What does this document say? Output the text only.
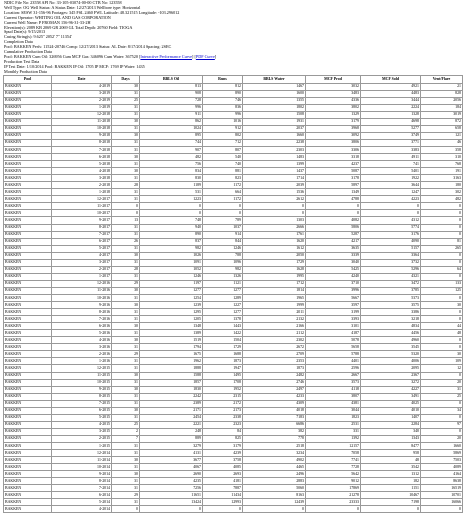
NDIC File No: 23558 API No: 33-105-03074-00-00 CTB No: 123558
Well Type: OG Well Status: A Status Date: 12/27/2013 Wellbore type: Horizontal
Location: SESW 31-156-96 Footages: 345 FSL 2460 FWL Latitude: 48.321515 Longitude: -103.296012
Current Operator: WHITING OIL AND GAS CORPORATION
Current Well Name: P FROMAN 156-96-31-33-2H
Elevation(s): 2089 KB 2069 GR 2069 GL Total Depth: 20760 Field: TIOGA
Spud Date(s): 9/15/2013
Casing String(s): 9.625" 2052' 7" 11354'
Completion Data
Pool: BAKKEN Perfs: 11524-20746 Comp: 12/27/2013 Status: AL Date: 8/17/2014 Spacing: 2SEC
Cumulative Production Data
Pool: BAKKEN Cum Oil: 326956 Cum MCF Gas: 346096 Cum Water: 367520 [Interactive Performance Curve] [PDF Curve]
Production Test Data
IP Test Date: 1/10/2014 Pool: BAKKEN IP Oil: 1705 IP MCF: 1769 IP Water: 1435
Monthly Production Data
Pool	Date	Days	BBLS Oil	Runs	BBLS Water	MCF Prod	MCF Sold	Vent/Flare
BAKKEN	4-2019	30	813	812	1467	3032	4921	21
BAKKEN	3-2019	31	908	890	1600	3483	4483	828
BAKKEN	2-2019	25	728	746	1355	4336	3444	2056
BAKKEN	1-2019	31	996	836	1802	3802	2224	184
BAKKEN	12-2018	31	911	996	1508	1329	1328	3019
BAKKEN	11-2018	30	862	1016	1931	3179	4698	872
BAKKEN	10-2018	31	1024	912	2037	3968	5277	658
BAKKEN	9-2018	30	895	802	1660	3092	3749	121
BAKKEN	8-2018	31	744	712	2238	3806	3771	46
BAKKEN	7-2018	31	907	807	2303	3306	3383	358
BAKKEN	6-2018	30	482	540	1483	3318	4911	310
BAKKEN	5-2018	31	756	740	1399	4237	741	768
BAKKEN	4-2018	30	834	881	1437	5087	5401	191
BAKKEN	3-2018	31	830	823	1714	3178	1922	3163
BAKKEN	2-2018	28	1189	1172	2039	5897	3644	180
BAKKEN	1-2018	31	531	664	1536	1349	1247	302
BAKKEN	12-2017	31	1223	1172	2612	4788	4223	482
BAKKEN	11-2017	0	0	0	0	0	0	0
BAKKEN	10-2017	0	0	0	0	0	0	0
BAKKEN	9-2017	13	748	789	1303	4082	4312	0
BAKKEN	8-2017	31	940	1037	2666	5806	5774	0
BAKKEN	7-2017	31	890	914	1761	5287	3176	0
BAKKEN	6-2017	26	837	844	1620	4217	4090	81
BAKKEN	5-2017	31	982	1246	1612	3635	5157	265
BAKKEN	4-2017	30	1026	788	2050	3339	3364	0
BAKKEN	3-2017	31	1091	1096	1729	3040	3732	0
BAKKEN	2-2017	28	1052	982	1628	5425	5296	64
BAKKEN	1-2017	31	1246	1326	1995	4240	4321	0
BAKKEN	12-2016	29	1197	1121	1712	3710	3472	133
BAKKEN	11-2016	30	1277	1277	1814	3996	3785	125
BAKKEN	10-2016	31	1254	1289	1965	5667	5373	0
BAKKEN	9-2016	30	1239	1227	1999	3597	3575	30
BAKKEN	8-2016	31	1295	1277	2011	3199	3386	0
BAKKEN	7-2016	31	1205	1378	2132	3393	3218	0
BAKKEN	6-2016	30	1348	1443	2166	3101	4834	44
BAKKEN	5-2016	31	1389	1422	2112	4187	4456	48
BAKKEN	4-2016	30	1519	1504	2302	5078	4960	0
BAKKEN	3-2016	31	1794	1729	2672	5658	3545	0
BAKKEN	2-2016	29	1675	1688	2709	5788	5320	30
BAKKEN	1-2016	31	1962	1873	2353	4401	4006	109
BAKKEN	12-2015	31	1888	1947	1873	2596	2095	12
BAKKEN	11-2015	30	1588	1495	2482	2667	2367	0
BAKKEN	10-2015	31	1857	1708	2746	3573	3272	20
BAKKEN	9-2015	30	1830	1952	2497	4118	4227	31
BAKKEN	8-2015	31	2242	2315	4233	3807	3491	25
BAKKEN	7-2015	31	2389	2172	4309	4381	4025	0
BAKKEN	6-2015	30	2171	2173	4018	3044	4010	34
BAKKEN	5-2015	31	2454	2338	7183	1823	1407	0
BAKKEN	4-2015	25	2221	2323	6686	2531	2284	97
BAKKEN	3-2015	2	248	84	382	331	340	0
BAKKEN	2-2015	7	889	825	778	1392	1343	20
BAKKEN	1-2015	31	3279	3179	2518	12157	8477	1660
BAKKEN	12-2014	31	4131	4239	3234	7058	958	5869
BAKKEN	11-2014	30	3677	3758	4902	7741	48	7503
BAKKEN	10-2014	31	4067	4085	4465	7728	3542	4089
BAKKEN	9-2014	30	2690	2693	2496	5642	1312	4164
BAKKEN	8-2014	31	4235	4181	2883	9012	182	8638
BAKKEN	7-2014	31	7256	7887	5060	17869	1151	16519
BAKKEN	6-2014	29	11651	11434	8163	21278	10467	10701
BAKKEN	5-2014	31	13424	12993	12439	23333	7198	16066
BAKKEN	4-2014	0	0	0	0	0	0	0
